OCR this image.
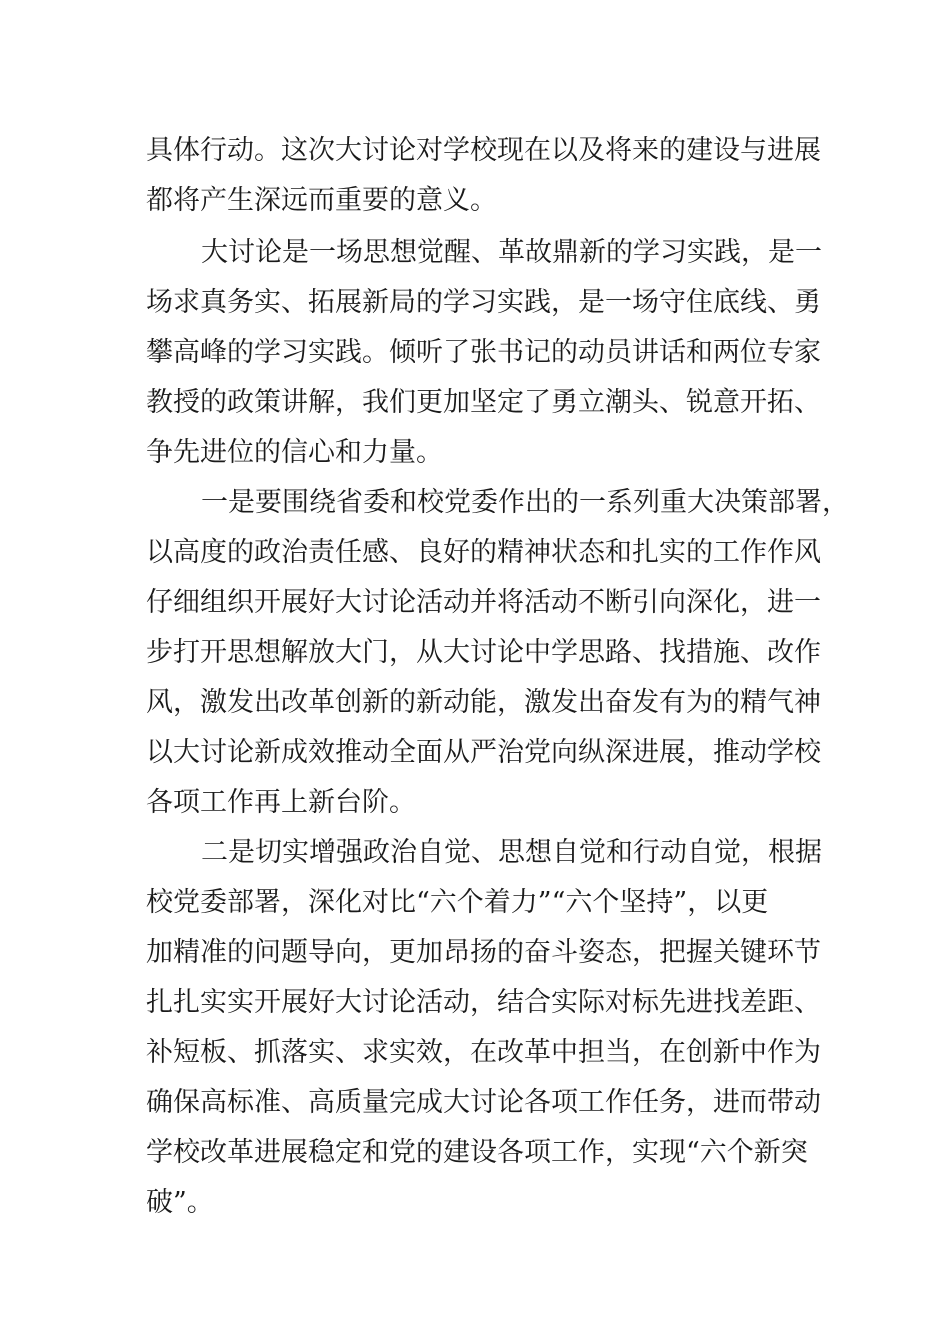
具体行动。这次大讨论对学校现在以及将来的建设与进展
都将产生深远而重要的意义。
大讨论是一场思想觉醒、革故鼎新的学习实践，是一
场求真务实、拓展新局的学习实践，是一场守住底线、勇
攀高峰的学习实践。倾听了张书记的动员讲话和两位专家
教授的政策讲解，我们更加坚定了勇立潮头、锐意开拓、
争先进位的信心和力量。
一是要围绕省委和校党委作出的一系列重大决策部署，
以高度的政治责任感、良好的精神状态和扎实的工作作风
仔细组织开展好大讨论活动并将活动不断引向深化，进一
步打开思想解放大门，从大讨论中学思路、找措施、改作
风，激发出改革创新的新动能，激发出奋发有为的精气神
以大讨论新成效推动全面从严治党向纵深进展，推动学校
各项工作再上新台阶。
二是切实增强政治自觉、思想自觉和行动自觉，根据
校党委部署，深化对比“六个着力”“六个坚持”，以更
加精准的问题导向，更加昂扬的奋斗姿态，把握关键环节
扎扎实实开展好大讨论活动，结合实际对标先进找差距、
补短板、抓落实、求实效，在改革中担当，在创新中作为
确保高标准、高质量完成大讨论各项工作任务，进而带动
学校改革进展稳定和党的建设各项工作，实现“六个新突
破”。
